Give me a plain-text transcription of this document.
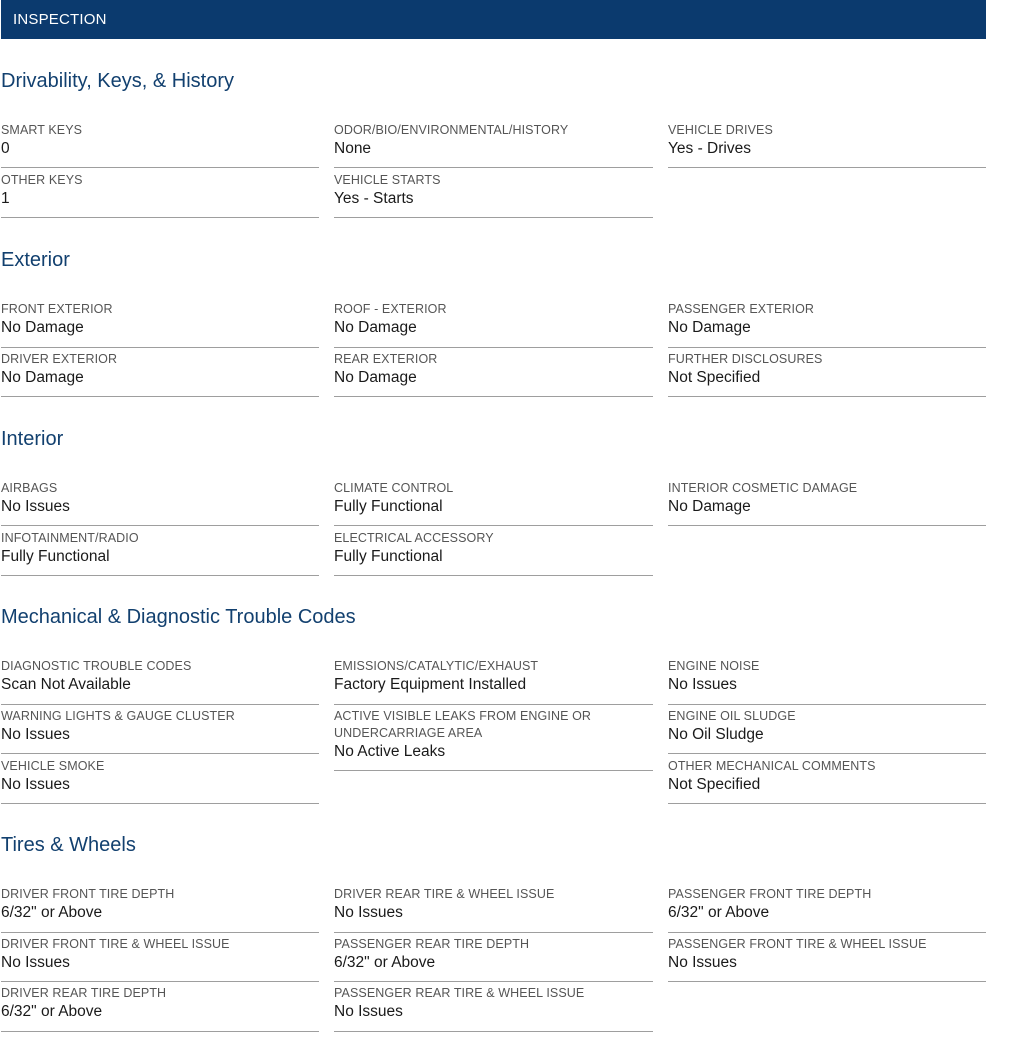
INSPECTION
Drivability, Keys, & History
SMART KEYS
0
ODOR/BIO/ENVIRONMENTAL/HISTORY
None
VEHICLE DRIVES
Yes - Drives
OTHER KEYS
1
VEHICLE STARTS
Yes - Starts
Exterior
FRONT EXTERIOR
No Damage
ROOF - EXTERIOR
No Damage
PASSENGER EXTERIOR
No Damage
DRIVER EXTERIOR
No Damage
REAR EXTERIOR
No Damage
FURTHER DISCLOSURES
Not Specified
Interior
AIRBAGS
No Issues
CLIMATE CONTROL
Fully Functional
INTERIOR COSMETIC DAMAGE
No Damage
INFOTAINMENT/RADIO
Fully Functional
ELECTRICAL ACCESSORY
Fully Functional
Mechanical & Diagnostic Trouble Codes
DIAGNOSTIC TROUBLE CODES
Scan Not Available
EMISSIONS/CATALYTIC/EXHAUST
Factory Equipment Installed
ENGINE NOISE
No Issues
WARNING LIGHTS & GAUGE CLUSTER
No Issues
ACTIVE VISIBLE LEAKS FROM ENGINE OR UNDERCARRIAGE AREA
No Active Leaks
ENGINE OIL SLUDGE
No Oil Sludge
VEHICLE SMOKE
No Issues
OTHER MECHANICAL COMMENTS
Not Specified
Tires & Wheels
DRIVER FRONT TIRE DEPTH
6/32" or Above
DRIVER REAR TIRE & WHEEL ISSUE
No Issues
PASSENGER FRONT TIRE DEPTH
6/32" or Above
DRIVER FRONT TIRE & WHEEL ISSUE
No Issues
PASSENGER REAR TIRE DEPTH
6/32" or Above
PASSENGER FRONT TIRE & WHEEL ISSUE
No Issues
DRIVER REAR TIRE DEPTH
6/32" or Above
PASSENGER REAR TIRE & WHEEL ISSUE
No Issues
